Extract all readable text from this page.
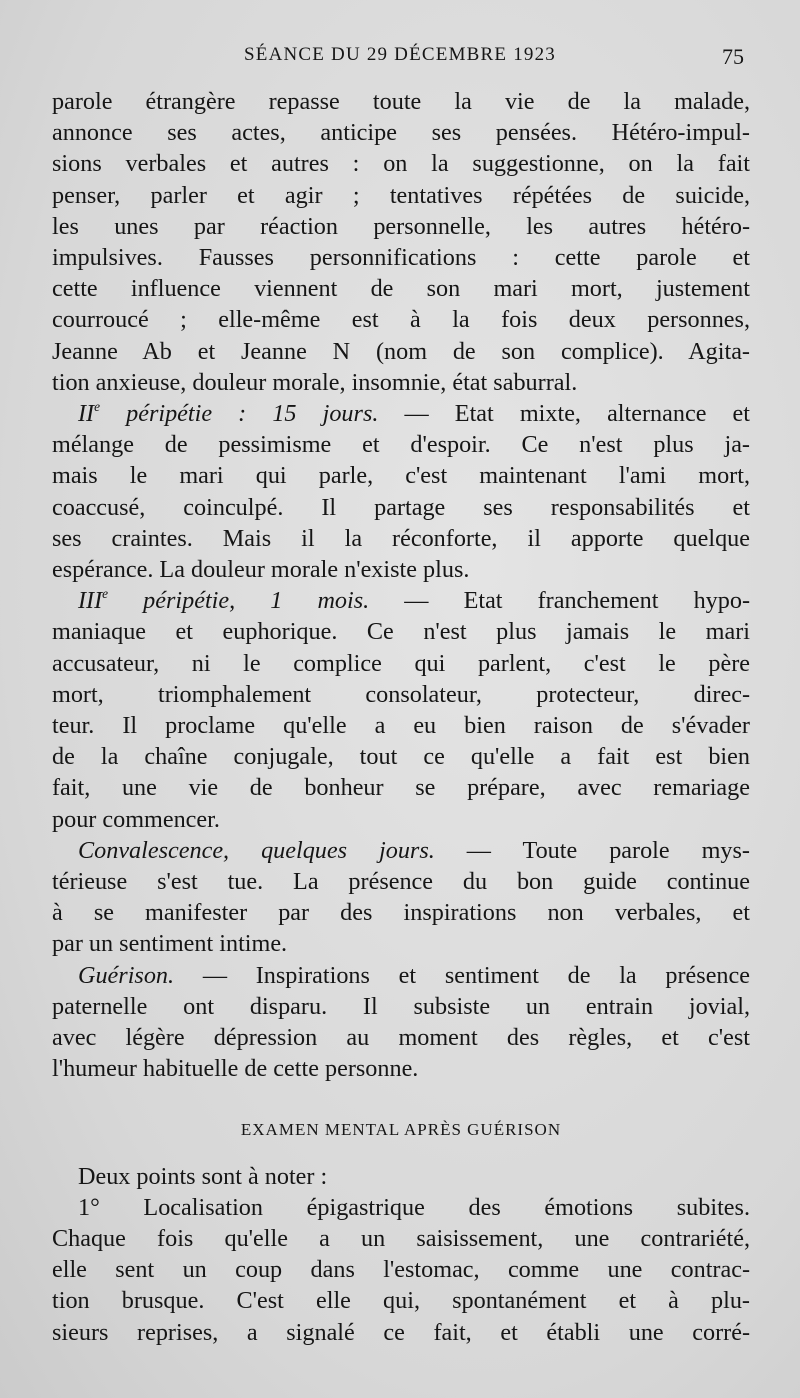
SÉANCE DU 29 DÉCEMBRE 1923	75
parole étrangère repasse toute la vie de la malade,
annonce ses actes, anticipe ses pensées. Hétéro-impul-
sions verbales et autres : on la suggestionne, on la fait
penser, parler et agir ; tentatives répétées de suicide,
les unes par réaction personnelle, les autres hétéro-
impulsives. Fausses personnifications : cette parole et
cette influence viennent de son mari mort, justement
courroucé ; elle-même est à la fois deux personnes,
Jeanne Ab et Jeanne N (nom de son complice). Agita-
tion anxieuse, douleur morale, insomnie, état saburral.
IIe péripétie : 15 jours. — Etat mixte, alternance et
mélange de pessimisme et d'espoir. Ce n'est plus ja-
mais le mari qui parle, c'est maintenant l'ami mort,
coaccusé, coinculpé. Il partage ses responsabilités et
ses craintes. Mais il la réconforte, il apporte quelque
espérance. La douleur morale n'existe plus.
IIIe péripétie, 1 mois. — Etat franchement hypo-
maniaque et euphorique. Ce n'est plus jamais le mari
accusateur, ni le complice qui parlent, c'est le père
mort, triomphalement consolateur, protecteur, direc-
teur. Il proclame qu'elle a eu bien raison de s'évader
de la chaîne conjugale, tout ce qu'elle a fait est bien
fait, une vie de bonheur se prépare, avec remariage
pour commencer.
Convalescence, quelques jours. — Toute parole mys-
térieuse s'est tue. La présence du bon guide continue
à se manifester par des inspirations non verbales, et
par un sentiment intime.
Guérison. — Inspirations et sentiment de la présence
paternelle ont disparu. Il subsiste un entrain jovial,
avec légère dépression au moment des règles, et c'est
l'humeur habituelle de cette personne.
EXAMEN MENTAL APRÈS GUÉRISON
Deux points sont à noter :
1° Localisation épigastrique des émotions subites.
Chaque fois qu'elle a un saisissement, une contrariété,
elle sent un coup dans l'estomac, comme une contrac-
tion brusque. C'est elle qui, spontanément et à plu-
sieurs reprises, a signalé ce fait, et établi une corré-
